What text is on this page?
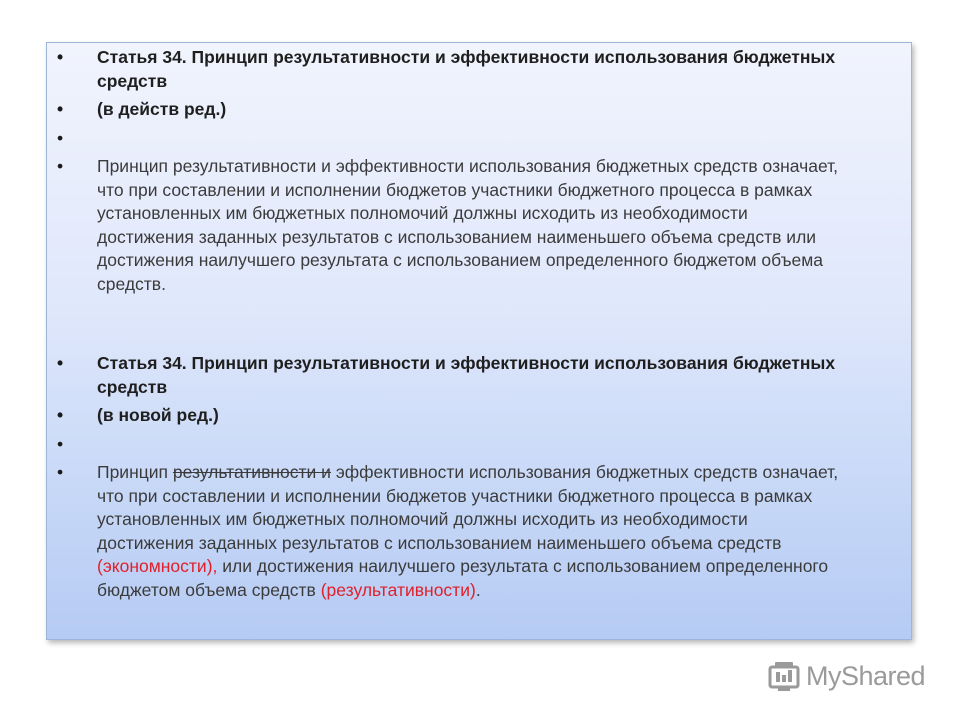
• Статья 34. Принцип результативности и эффективности использования бюджетных средств
• (в действ ред.)
•
• Принцип результативности и эффективности использования бюджетных средств означает, что при составлении и исполнении бюджетов участники бюджетного процесса в рамках установленных им бюджетных полномочий должны исходить из необходимости достижения заданных результатов с использованием наименьшего объема средств или достижения наилучшего результата с использованием определенного бюджетом объема средств.
• Статья 34. Принцип результативности и эффективности использования бюджетных средств
• (в новой ред.)
•
• Принцип результативности и эффективности использования бюджетных средств означает, что при составлении и исполнении бюджетов участники бюджетного процесса в рамках установленных им бюджетных полномочий должны исходить из необходимости достижения заданных результатов с использованием наименьшего объема средств (экономности), или достижения наилучшего результата с использованием определенного бюджетом объема средств (результативности).
MyShared
